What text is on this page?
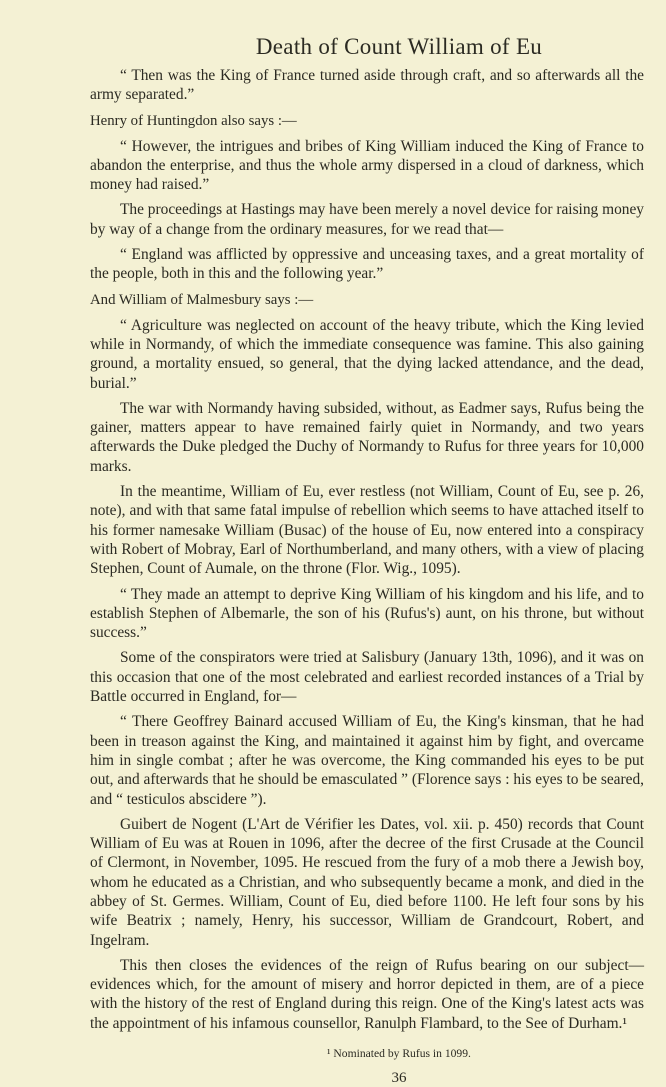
Death of Count William of Eu

“ Then was the King of France turned aside through craft, and so afterwards all the army separated.”

Henry of Huntingdon also says :—

“ However, the intrigues and bribes of King William induced the King of France to abandon the enterprise, and thus the whole army dispersed in a cloud of darkness, which money had raised.”

The proceedings at Hastings may have been merely a novel device for raising money by way of a change from the ordinary measures, for we read that—

“ England was afflicted by oppressive and unceasing taxes, and a great mortality of the people, both in this and the following year.”

And William of Malmesbury says :—

“ Agriculture was neglected on account of the heavy tribute, which the King levied while in Normandy, of which the immediate consequence was famine. This also gaining ground, a mortality ensued, so general, that the dying lacked attendance, and the dead, burial.”

The war with Normandy having subsided, without, as Eadmer says, Rufus being the gainer, matters appear to have remained fairly quiet in Normandy, and two years afterwards the Duke pledged the Duchy of Normandy to Rufus for three years for 10,000 marks.

In the meantime, William of Eu, ever restless (not William, Count of Eu, see p. 26, note), and with that same fatal impulse of rebellion which seems to have attached itself to his former namesake William (Busac) of the house of Eu, now entered into a conspiracy with Robert of Mobray, Earl of Northumberland, and many others, with a view of placing Stephen, Count of Aumale, on the throne (Flor. Wig., 1095).

“ They made an attempt to deprive King William of his kingdom and his life, and to establish Stephen of Albemarle, the son of his (Rufus's) aunt, on his throne, but without success.”

Some of the conspirators were tried at Salisbury (January 13th, 1096), and it was on this occasion that one of the most celebrated and earliest recorded instances of a Trial by Battle occurred in England, for—

“ There Geoffrey Bainard accused William of Eu, the King's kinsman, that he had been in treason against the King, and maintained it against him by fight, and overcame him in single combat ; after he was overcome, the King commanded his eyes to be put out, and afterwards that he should be emasculated ” (Florence says : his eyes to be seared, and “ testiculos abscidere ”).

Guibert de Nogent (L'Art de Vérifier les Dates, vol. xii. p. 450) records that Count William of Eu was at Rouen in 1096, after the decree of the first Crusade at the Council of Clermont, in November, 1095. He rescued from the fury of a mob there a Jewish boy, whom he educated as a Christian, and who subsequently became a monk, and died in the abbey of St. Germes. William, Count of Eu, died before 1100. He left four sons by his wife Beatrix ; namely, Henry, his successor, William de Grandcourt, Robert, and Ingelram.

This then closes the evidences of the reign of Rufus bearing on our subject—evidences which, for the amount of misery and horror depicted in them, are of a piece with the history of the rest of England during this reign. One of the King's latest acts was the appointment of his infamous counsellor, Ranulph Flambard, to the See of Durham.¹

¹ Nominated by Rufus in 1099.
36
